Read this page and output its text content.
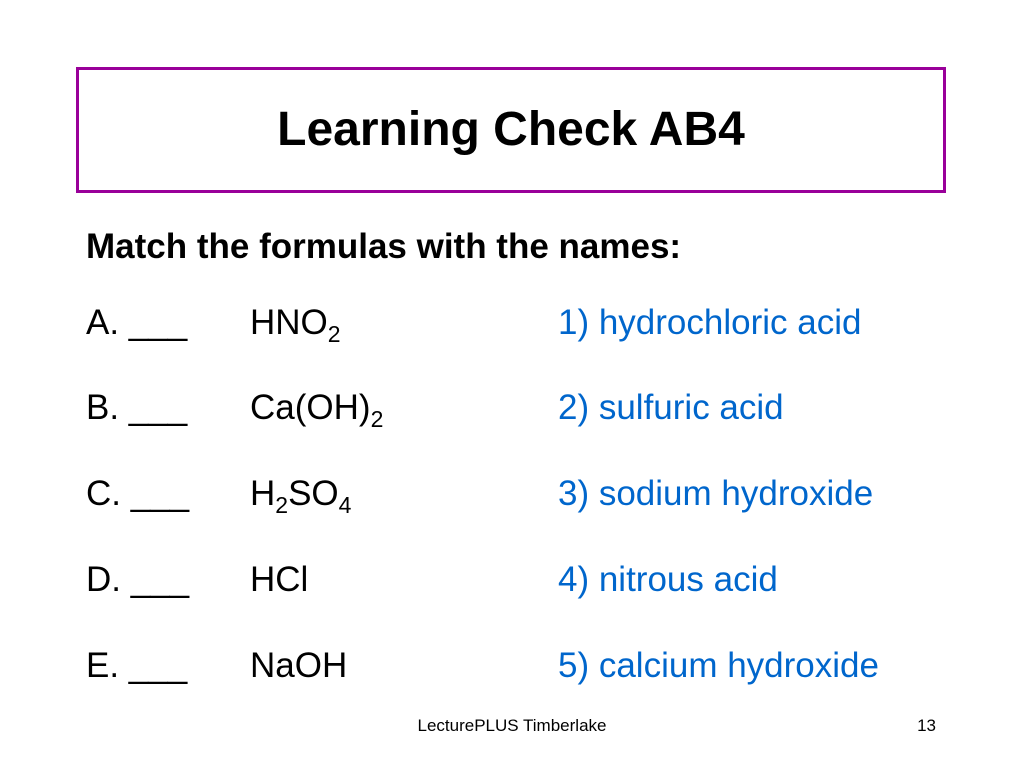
Learning Check AB4

Match the formulas with the names:

A. ___ $HNO_2$	1) hydrochloric acid
B. ___ $Ca(OH)_2$	2) sulfuric acid
C. ___ $H_2SO_4$	3) sodium hydroxide
D. ___ HCl	4) nitrous acid
E. ___ NaOH	5) calcium hydroxide
LecturePLUS Timberlake	13
